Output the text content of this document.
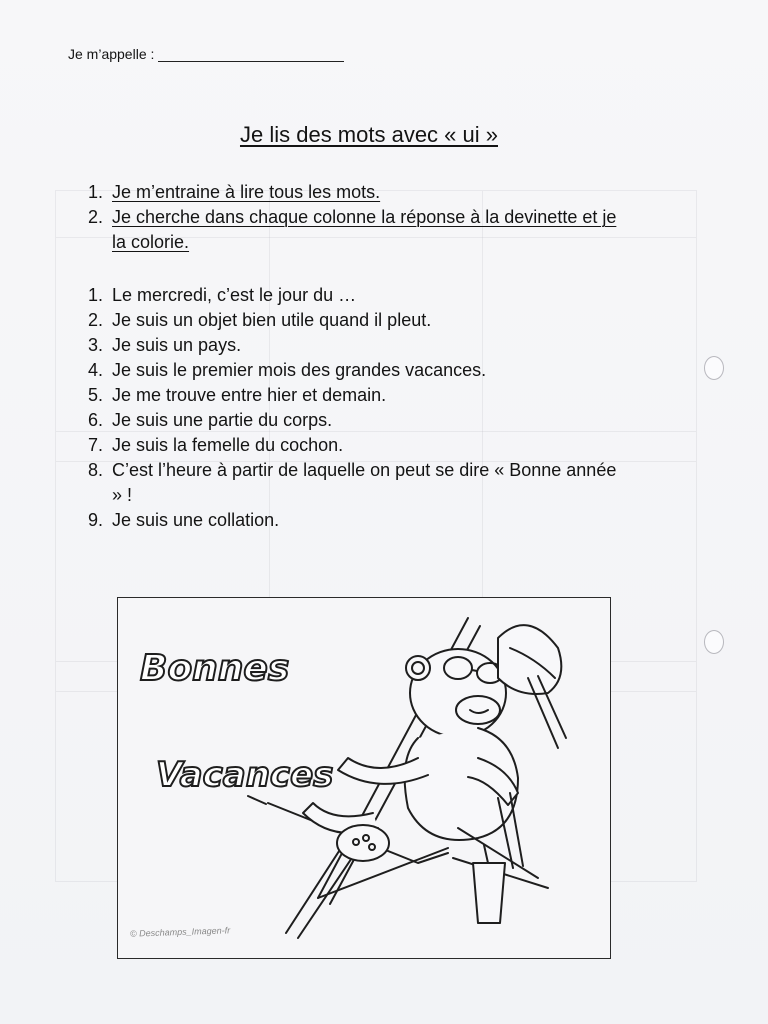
Je m’appelle :
Je lis des mots avec « ui »
1. Je m’entraine à lire tous les mots.
2. Je cherche dans chaque colonne la réponse à la devinette et je la colorie.
1. Le mercredi, c’est le jour du …
2. Je suis un objet bien utile quand il pleut.
3. Je suis un pays.
4. Je suis le premier mois des grandes vacances.
5. Je me trouve entre hier et demain.
6. Je suis une partie du corps.
7. Je suis la femelle du cochon.
8. C’est l’heure à partir de laquelle on peut se dire « Bonne année » !
9. Je suis une collation.
Bonnes
Vacances
© Deschamps_Imagen-fr
